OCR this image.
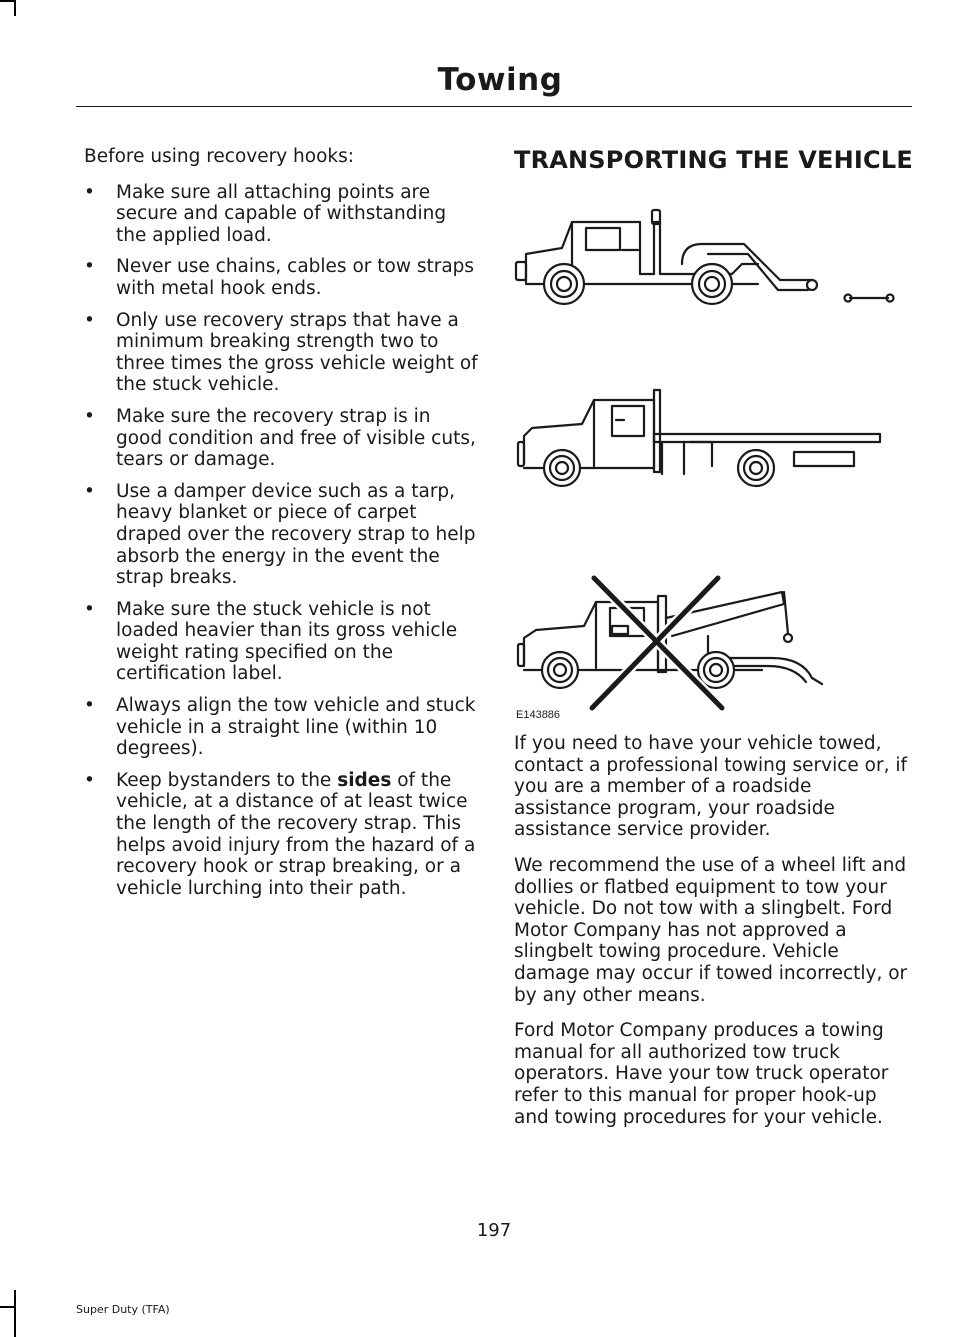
Towing

Before using recovery hooks:

• Make sure all attaching points are secure and capable of withstanding the applied load.
• Never use chains, cables or tow straps with metal hook ends.
• Only use recovery straps that have a minimum breaking strength two to three times the gross vehicle weight of the stuck vehicle.
• Make sure the recovery strap is in good condition and free of visible cuts, tears or damage.
• Use a damper device such as a tarp, heavy blanket or piece of carpet draped over the recovery strap to help absorb the energy in the event the strap breaks.
• Make sure the stuck vehicle is not loaded heavier than its gross vehicle weight rating specified on the certification label.
• Always align the tow vehicle and stuck vehicle in a straight line (within 10 degrees).
• Keep bystanders to the sides of the vehicle, at a distance of at least twice the length of the recovery strap. This helps avoid injury from the hazard of a recovery hook or strap breaking, or a vehicle lurching into their path.
TRANSPORTING THE VEHICLE
E143886

If you need to have your vehicle towed, contact a professional towing service or, if you are a member of a roadside assistance program, your roadside assistance service provider.

We recommend the use of a wheel lift and dollies or flatbed equipment to tow your vehicle. Do not tow with a slingbelt. Ford Motor Company has not approved a slingbelt towing procedure. Vehicle damage may occur if towed incorrectly, or by any other means.

Ford Motor Company produces a towing manual for all authorized tow truck operators. Have your tow truck operator refer to this manual for proper hook-up and towing procedures for your vehicle.

197
Super Duty (TFA)
